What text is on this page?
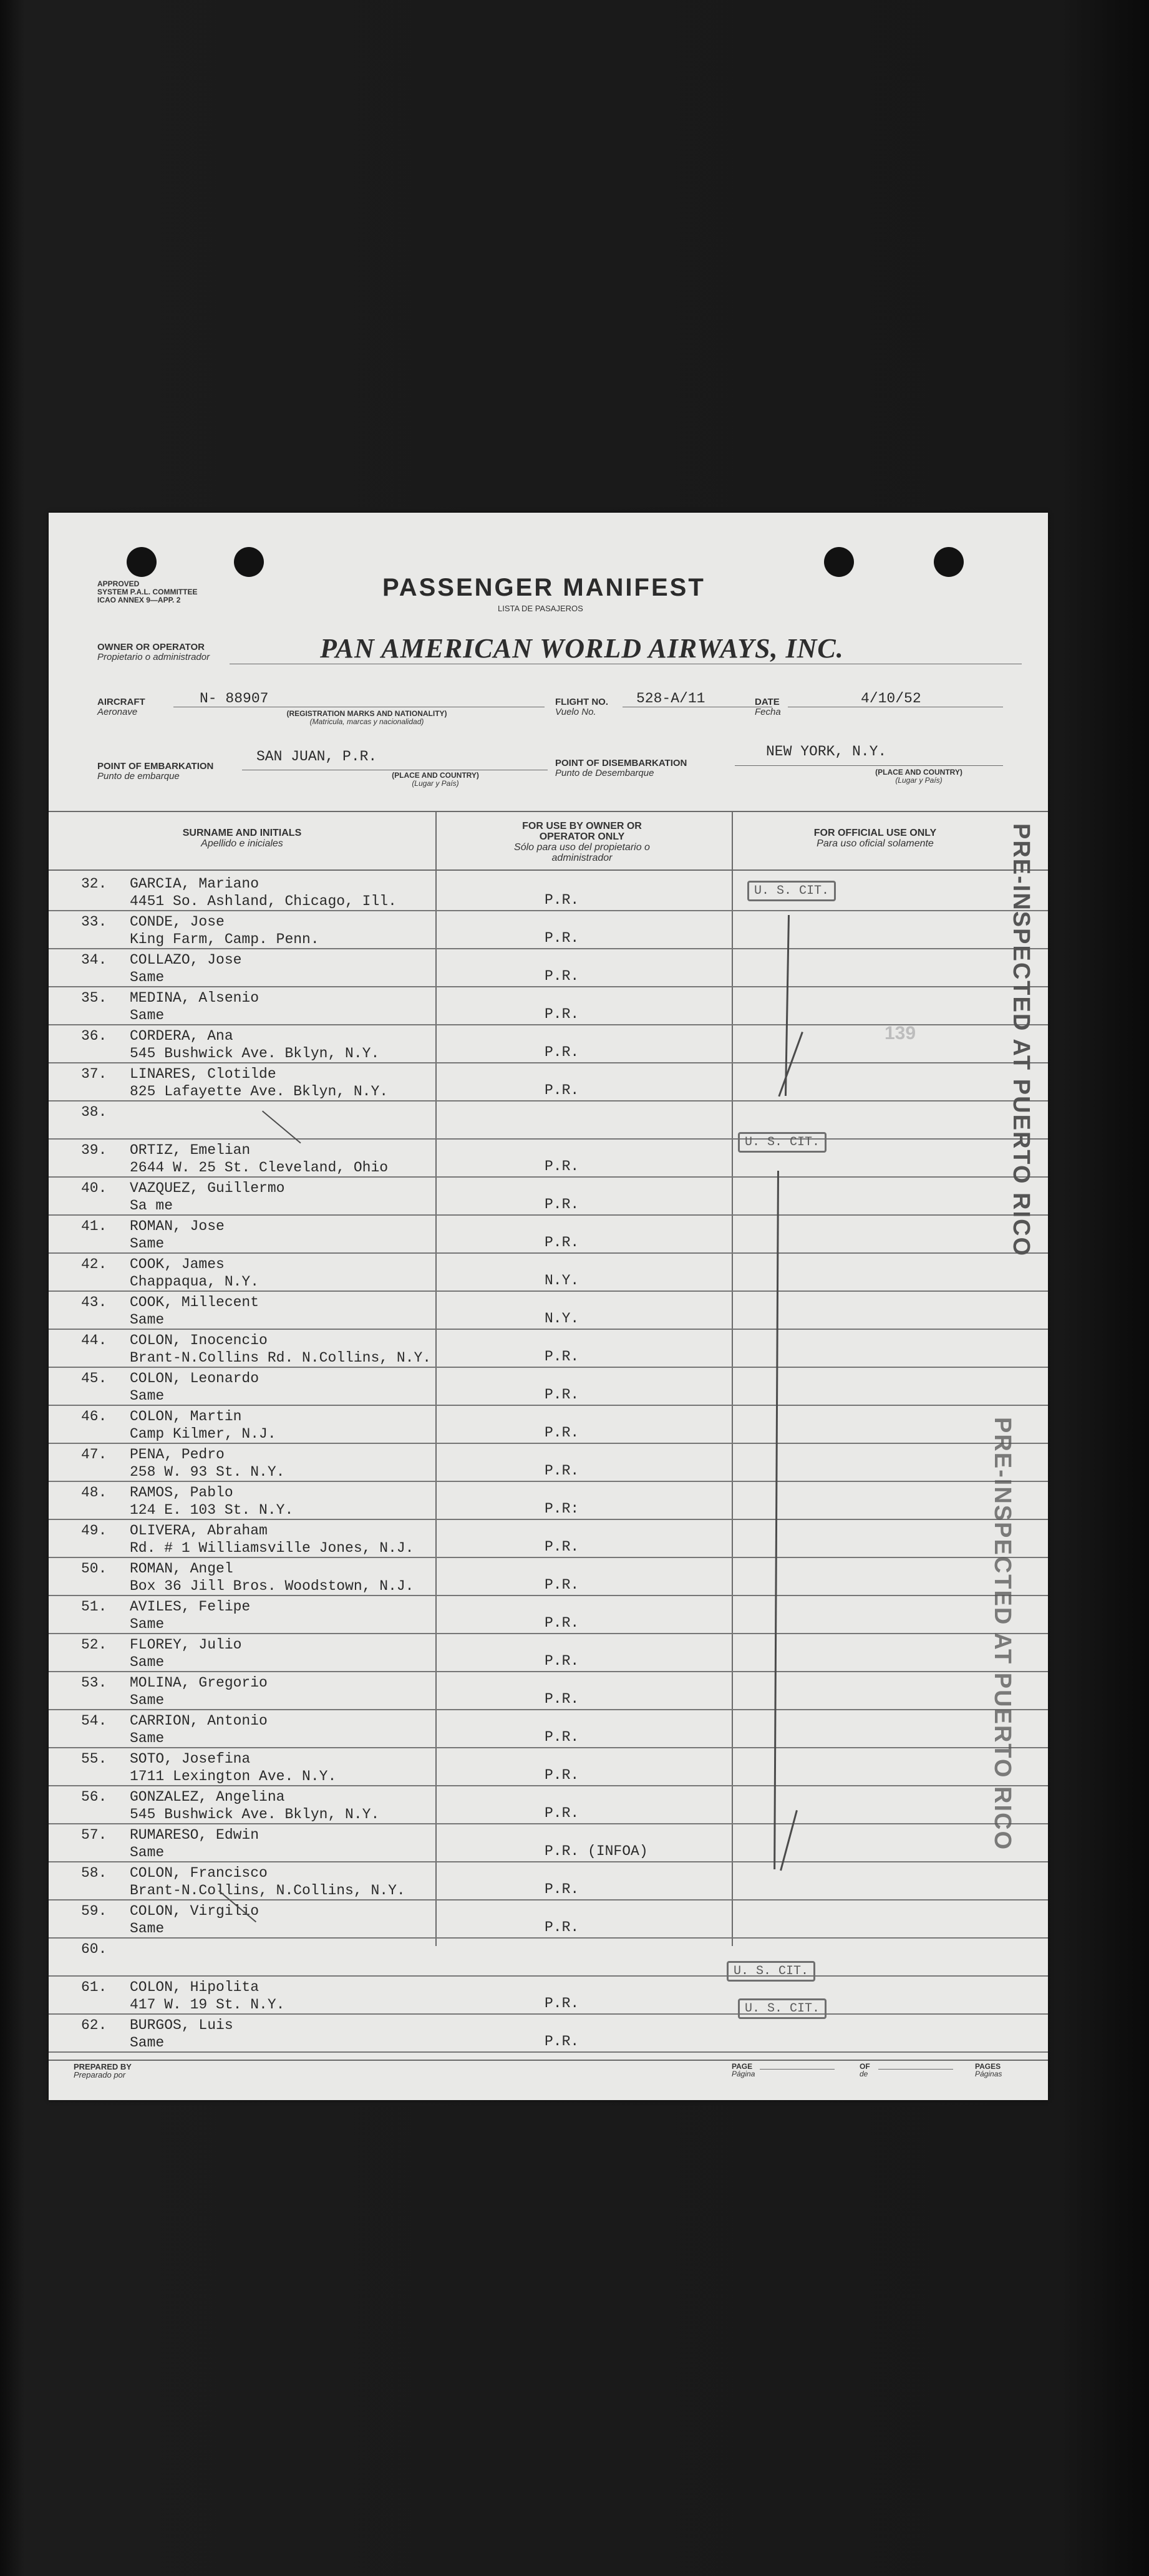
APPROVED
SYSTEM P.A.L. COMMITTEE
ICAO ANNEX 9—APP. 2	PASSENGER MANIFEST
LISTA DE PASAJEROS
OWNER OR OPERATOR
Propietario o administrador	PAN AMERICAN WORLD AIRWAYS, INC.
AIRCRAFT
Aeronave
N- 88907
(REGISTRATION MARKS AND NATIONALITY)
(Matricula, marcas y nacionalidad)
FLIGHT NO.
Vuelo No.
528-A/11	DATE
Fecha
4/10/52
POINT OF EMBARKATION
Punto de embarque
SAN JUAN, P.R.
(PLACE AND COUNTRY)
(Lugar y País)
POINT OF DISEMBARKATION
Punto de Desembarque
NEW YORK, N.Y.
(PLACE AND COUNTRY)
(Lugar y País)
SURNAME AND INITIALS
Apellido e iniciales
FOR USE BY OWNER OR OPERATOR ONLY
Sólo para uso del propietario o administrador
FOR OFFICIAL USE ONLY
Para uso oficial solamente
32. GARCIA, Mariano
4451 So. Ashland, Chicago, Ill.	P.R.
33. CONDE, Jose
King Farm, Camp. Penn.	P.R.
34. COLLAZO, Jose
Same	P.R.
35. MEDINA, Alsenio
Same	P.R.
36. CORDERA, Ana
545 Bushwick Ave. Bklyn, N.Y.	P.R.
37. LINARES, Clotilde
825 Lafayette Ave. Bklyn, N.Y.	P.R.
38.
39. ORTIZ, Emelian
2644 W. 25 St. Cleveland, Ohio	P.R.
40. VAZQUEZ, Guillermo
Sa me	P.R.
41. ROMAN, Jose
Same	P.R.
42. COOK, James
Chappaqua, N.Y.	N.Y.
43. COOK, Millecent
Same	N.Y.
44. COLON, Inocencio
Brant-N.Collins Rd. N.Collins, N.Y.	P.R.
45. COLON, Leonardo
Same	P.R.
46. COLON, Martin
Camp Kilmer, N.J.	P.R.
47. PENA, Pedro
258 W. 93 St. N.Y.	P.R.
48. RAMOS, Pablo
124 E. 103 St. N.Y.	P.R:
49. OLIVERA, Abraham
Rd. # 1 Williamsville Jones, N.J.	P.R.
50. ROMAN, Angel
Box 36 Jill Bros. Woodstown, N.J.	P.R.
51. AVILES, Felipe
Same	P.R.
52. FLOREY, Julio
Same	P.R.
53. MOLINA, Gregorio
Same	P.R.
54. CARRION, Antonio
Same	P.R.
55. SOTO, Josefina
1711 Lexington Ave. N.Y.	P.R.
56. GONZALEZ, Angelina
545 Bushwick Ave. Bklyn, N.Y.	P.R.
57. RUMARESO, Edwin
Same	P.R. (INFOA)
58. COLON, Francisco
Brant-N.Collins, N.Collins, N.Y.	P.R.
59. COLON, Virgilio
Same	P.R.
60.
61. COLON, Hipolita
417 W. 19 St. N.Y.	P.R.
62. BURGOS, Luis
Same	P.R.
U. S. CIT.
U. S. CIT.
U. S. CIT.
U. S. CIT.
139	PRE-INSPECTED AT PUERTO RICO
PRE-INSPECTED AT PUERTO RICO
PREPARED BY
Preparado por
PAGE
Página
OF
de
PAGES
Páginas
